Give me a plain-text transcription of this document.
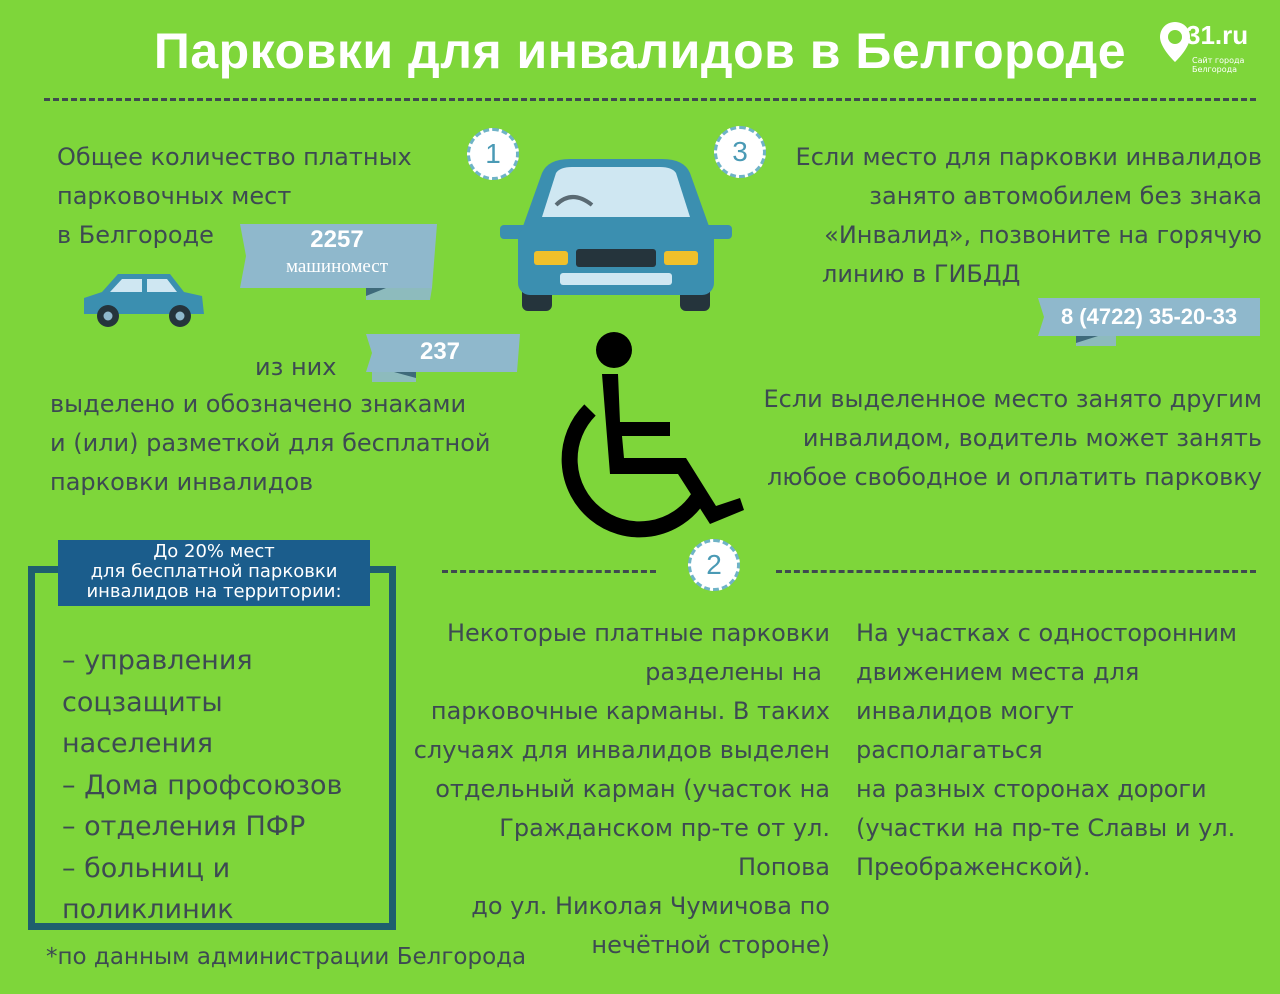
Парковки для инвалидов в Белгороде	31.ru
Сайт города
Белгорода
Общее количество платных
парковочных мест
в Белгороде	2257
машиномест
237
из них
выделено и обозначено знаками
и (или) разметкой для бесплатной
парковки инвалидов
1	3
2
Если место для парковки инвалидов
занято автомобилем без знака
«Инвалид», позвоните на горячую
линию в ГИБДД
8 (4722) 35-20-33
Если выделенное место занято другим
инвалидом, водитель может занять
любое свободное и оплатить парковку
До 20% мест
для бесплатной парковки
инвалидов на территории:
– управления
соцзащиты населения
– Дома профсоюзов
– отделения ПФР
– больниц и
поликлиник
Некоторые платные парковки
разделены на
парковочные карманы. В таких
случаях для инвалидов выделен
отдельный карман (участок на
Гражданском пр-те от ул. Попова
до ул. Николая Чумичова по
нечётной стороне)
На участках с односторонним
движением места для
инвалидов могут располагаться
на разных сторонах дороги
(участки на пр-те Славы и ул.
Преображенской).
*по данным администрации Белгорода
